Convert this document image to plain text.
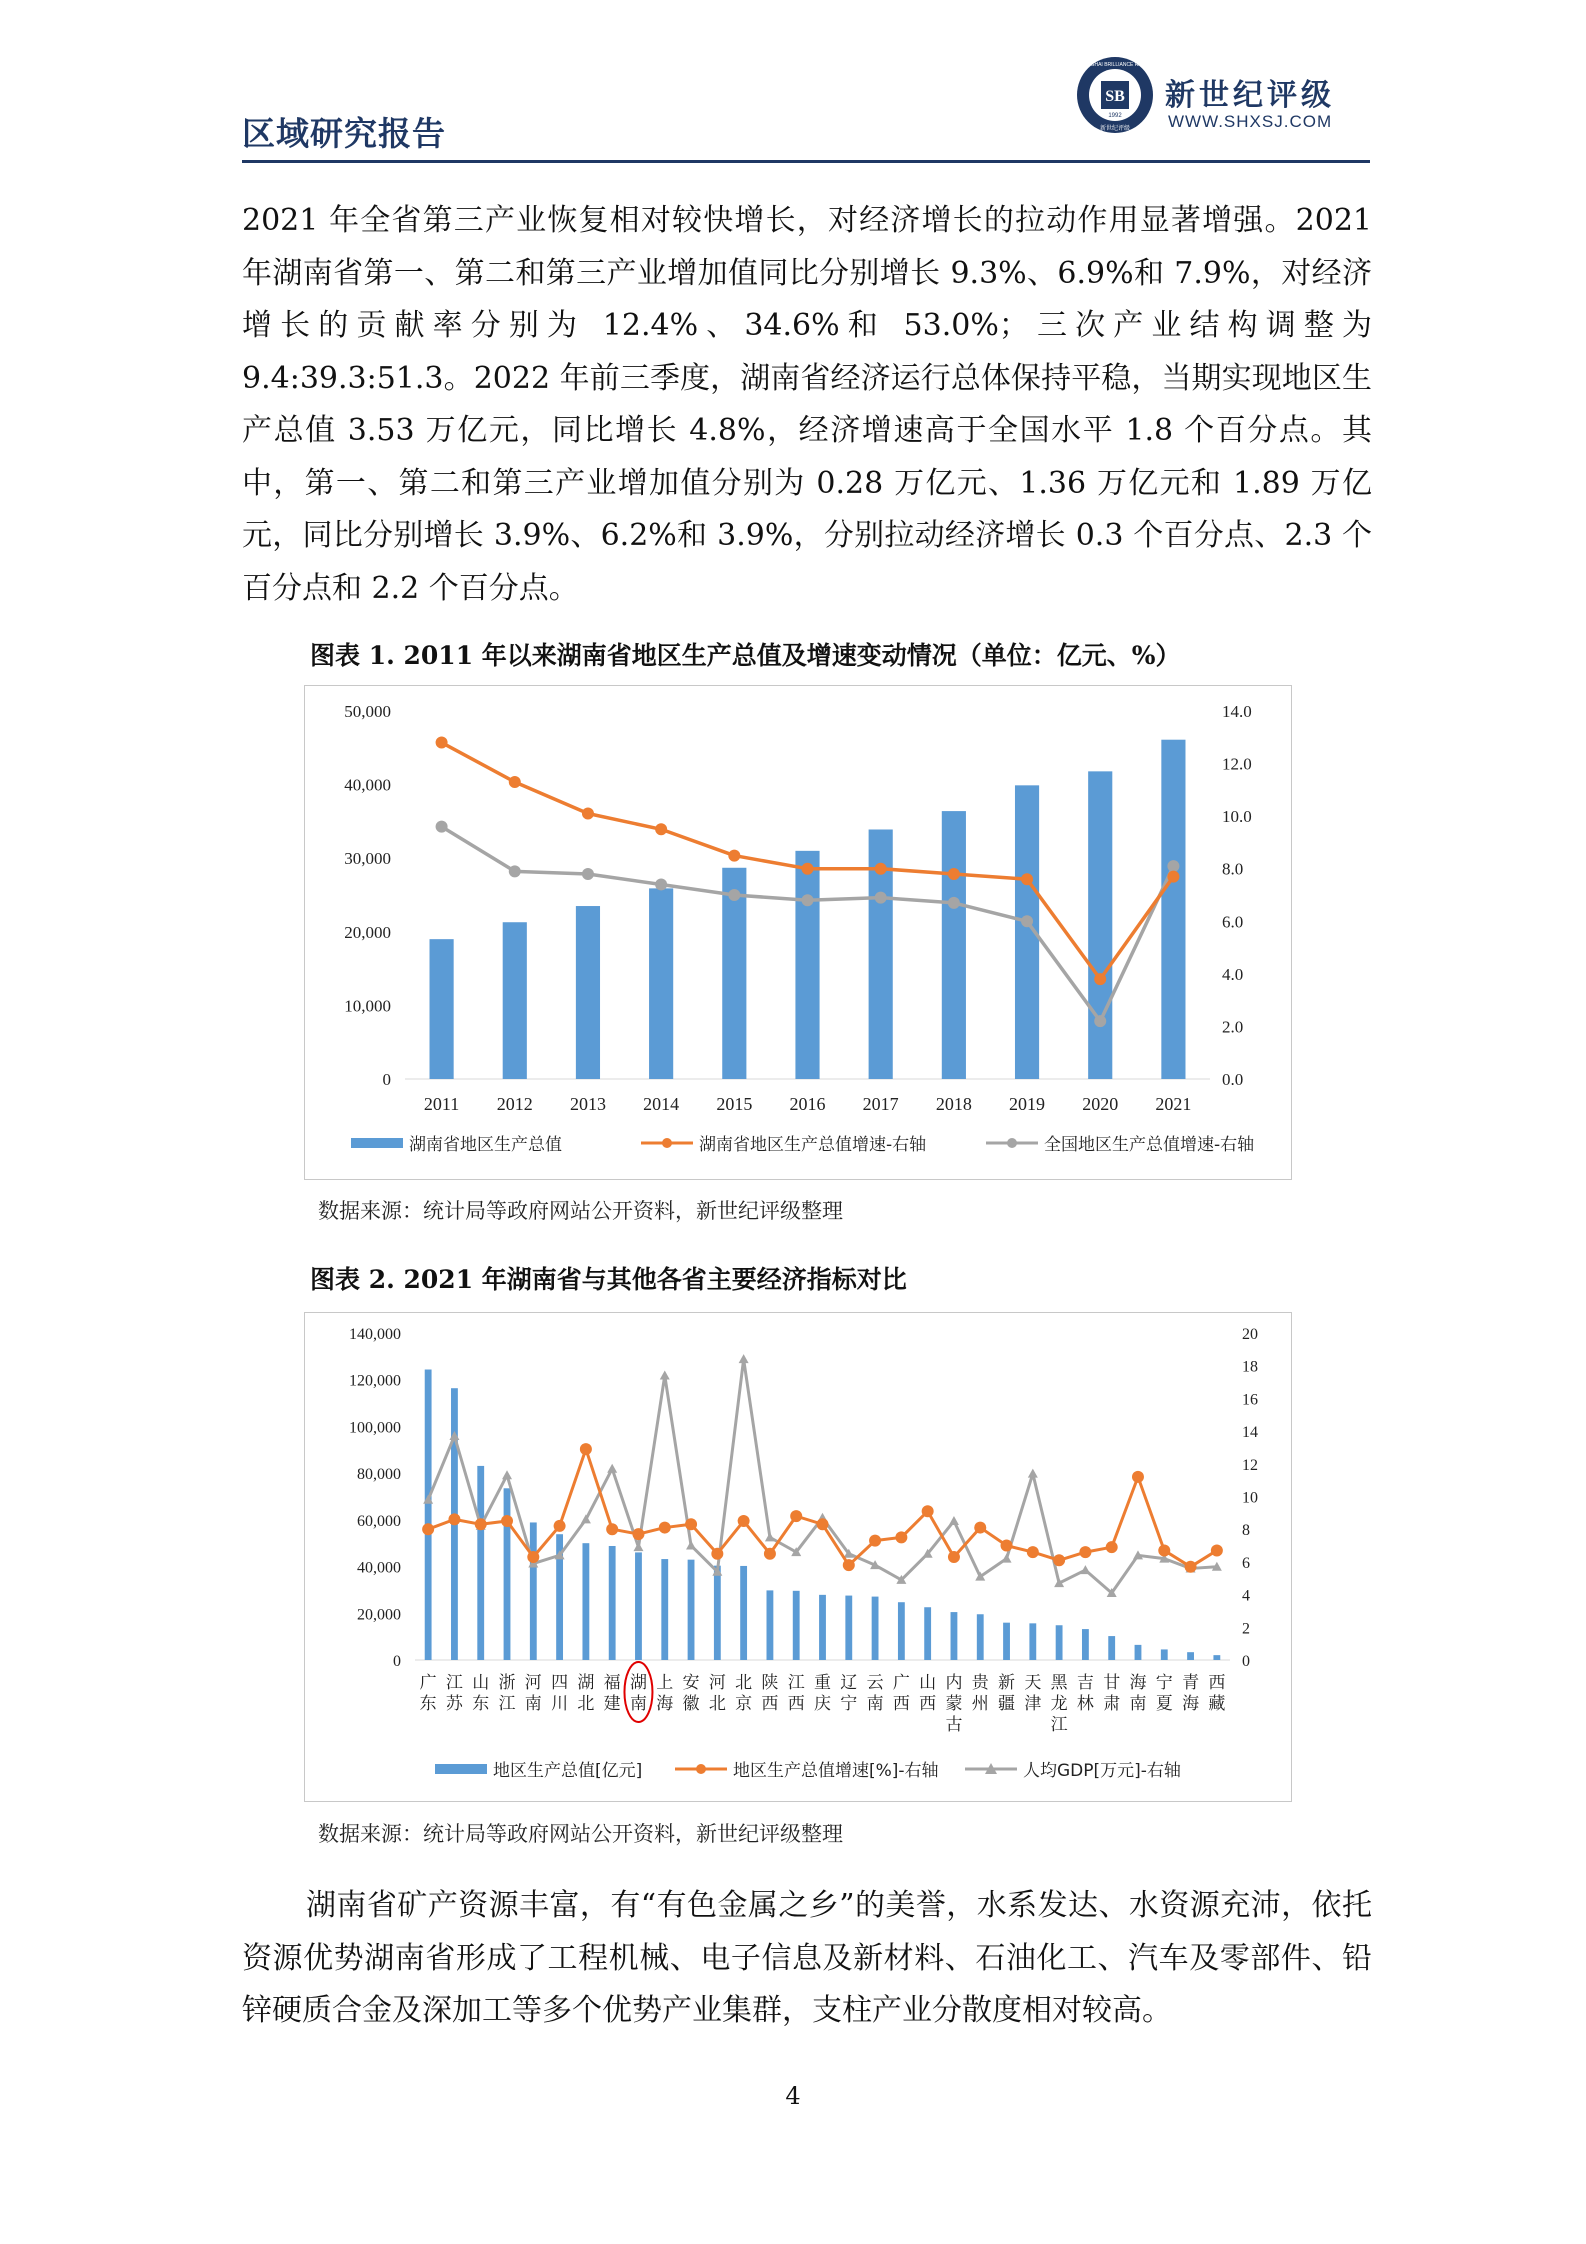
区域研究报告
SB
1992
SHANGHAI BRILLIANCE RATING
新世纪评级
新世纪评级
WWW.SHXSJ.COM

2021 年全省第三产业恢复相对较快增长，对经济增长的拉动作用显著增强。2021 年湖南省第一、第二和第三产业增加值同比分别增长 9.3%、6.9%和 7.9%，对经济增长的贡献率分别为 12.4%、34.6%和 53.0%；三次产业结构调整为 9.4:39.3:51.3。2022 年前三季度，湖南省经济运行总体保持平稳，当期实现地区生产总值 3.53 万亿元，同比增长 4.8%，经济增速高于全国水平 1.8 个百分点。其中，第一、第二和第三产业增加值分别为 0.28 万亿元、1.36 万亿元和 1.89 万亿元，同比分别增长 3.9%、6.2%和 3.9%，分别拉动经济增长 0.3 个百分点、2.3 个百分点和 2.2 个百分点。

图表 1. 2011 年以来湖南省地区生产总值及增速变动情况（单位：亿元、%）
0
10,000
20,000
30,000
40,000
50,000
0.0
2.0
4.0
6.0
8.0
10.0
12.0
14.0
2011 2012 2013 2014 2015 2016 2017 2018 2019 2020 2021
湖南省地区生产总值	湖南省地区生产总值增速-右轴	全国地区生产总值增速-右轴
数据来源：统计局等政府网站公开资料，新世纪评级整理
图表 2. 2021 年湖南省与其他各省主要经济指标对比
0
20,000
40,000
60,000
80,000
100,000
120,000
140,000
0
2
4
6
8
10
12
14
16
18
20
广
东
江
苏
山
东
浙
江
河
南
四
川
湖
北
福
建
湖
南
上
海
安
徽
河
北
北
京
陕
西
江
西
重
庆
辽
宁
云
南
广
西
山
西
内
蒙
古
贵
州
新
疆
天
津
黑
龙
江
吉
林
甘
肃
海
南
宁
夏
青
海
西
藏
地区生产总值[亿元]	地区生产总值增速[%]-右轴	人均GDP[万元]-右轴
数据来源：统计局等政府网站公开资料，新世纪评级整理

湖南省矿产资源丰富，有“有色金属之乡”的美誉，水系发达、水资源充沛，依托资源优势湖南省形成了工程机械、电子信息及新材料、石油化工、汽车及零部件、铅锌硬质合金及深加工等多个优势产业集群，支柱产业分散度相对较高。

4
